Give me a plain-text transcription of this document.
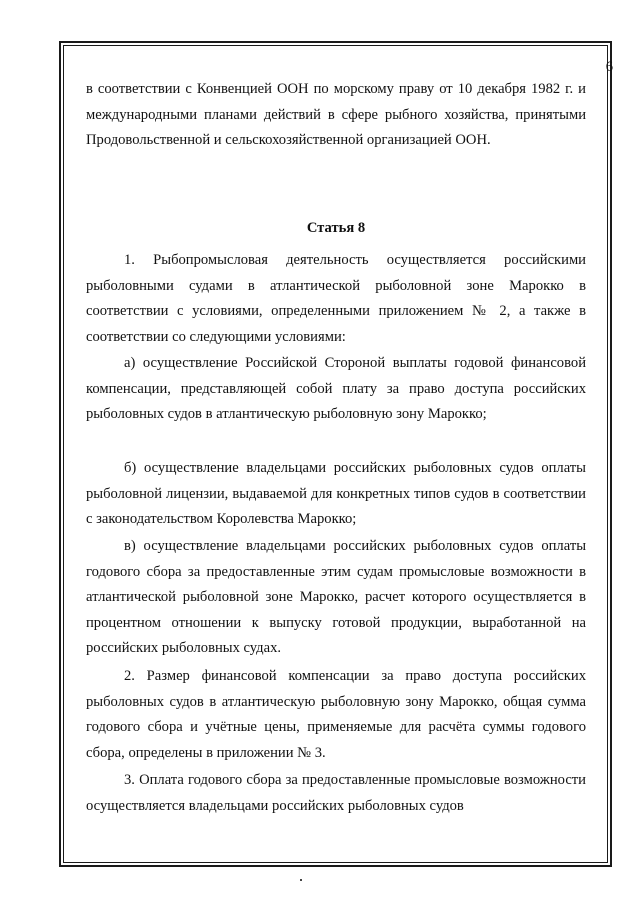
6

в соответствии с Конвенцией ООН по морскому праву от 10 декабря 1982 г. и международными планами действий в сфере рыбного хозяйства, принятыми Продовольственной и сельскохозяйственной организацией ООН.

Статья 8

1. Рыбопромысловая деятельность осуществляется российскими рыболовными судами в атлантической рыболовной зоне Марокко в соответствии с условиями, определенными приложением № 2, а также в соответствии со следующими условиями:

а) осуществление Российской Стороной выплаты годовой финансовой компенсации, представляющей собой плату за право доступа российских рыболовных судов в атлантическую рыболовную зону Марокко;

б) осуществление владельцами российских рыболовных судов оплаты рыболовной лицензии, выдаваемой для конкретных типов судов в соответствии с законодательством Королевства Марокко;

в) осуществление владельцами российских рыболовных судов оплаты годового сбора за предоставленные этим судам промысловые возможности в атлантической рыболовной зоне Марокко, расчет которого осуществляется в процентном отношении к выпуску готовой продукции, выработанной на российских рыболовных судах.

2. Размер финансовой компенсации за право доступа российских рыболовных судов в атлантическую рыболовную зону Марокко, общая сумма годового сбора и учётные цены, применяемые для расчёта суммы годового сбора, определены в приложении № 3.

3. Оплата годового сбора за предоставленные промысловые возможности осуществляется владельцами российских рыболовных судов
